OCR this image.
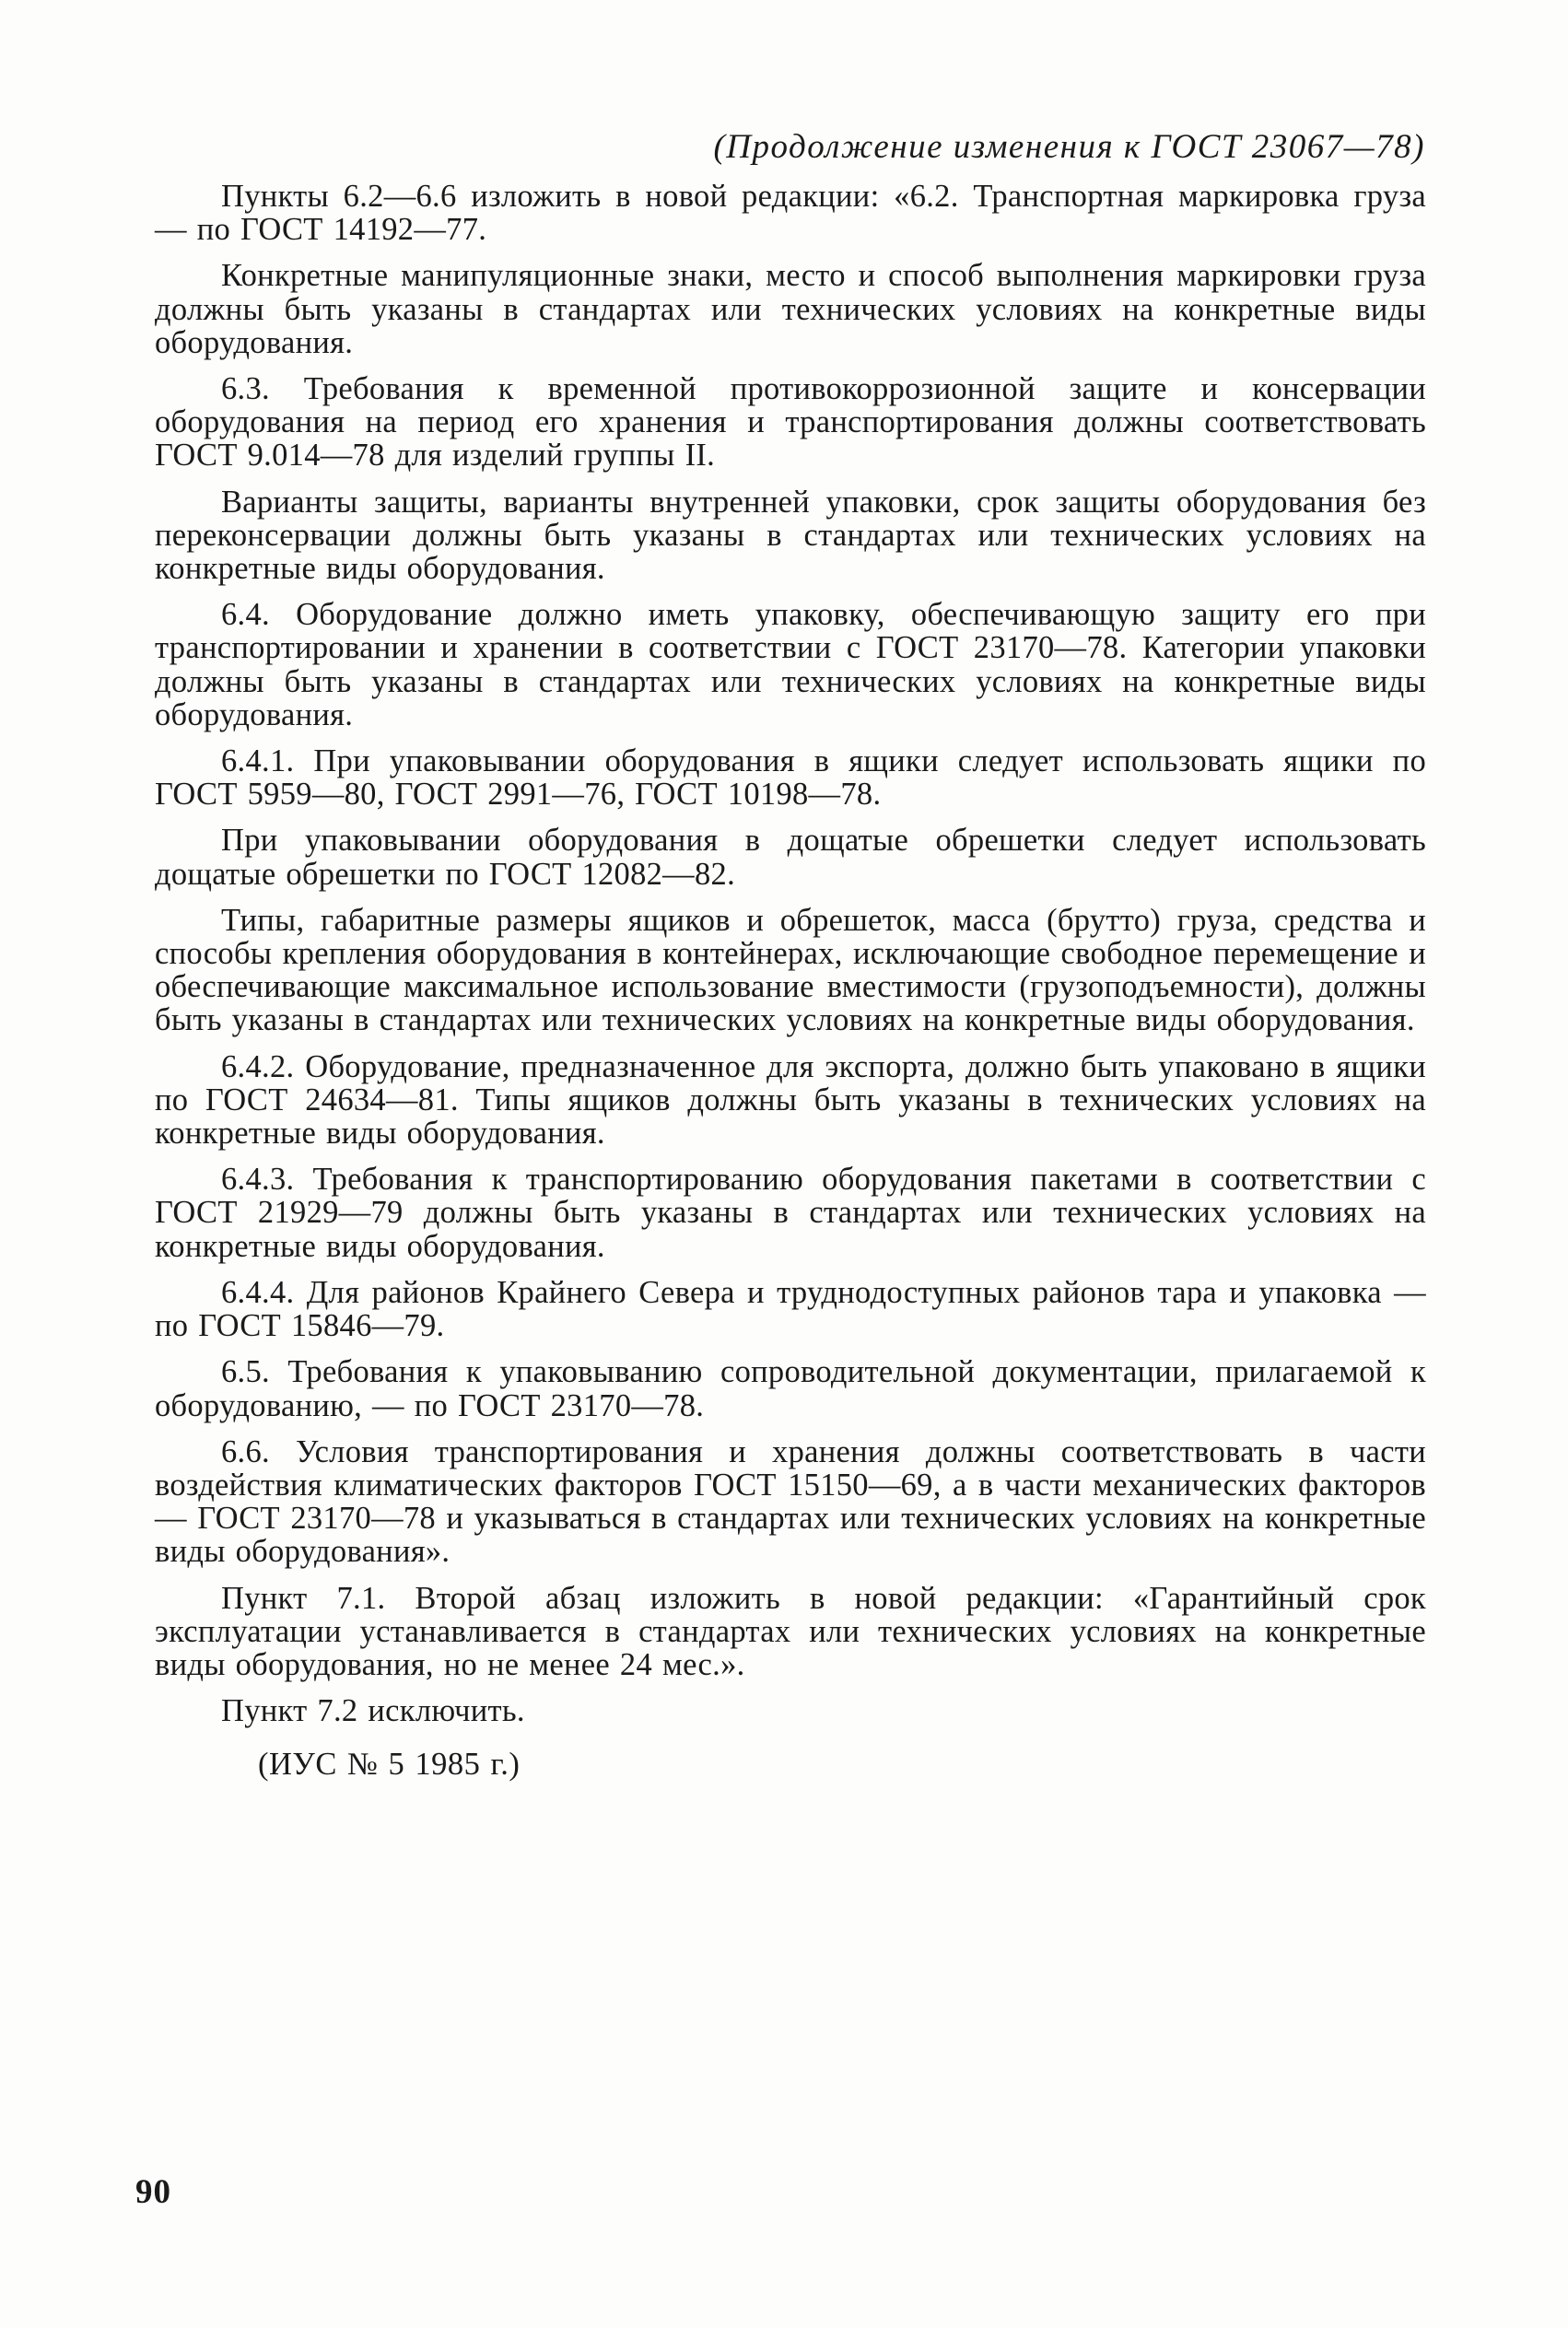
(Продолжение изменения к ГОСТ 23067—78)

Пункты 6.2—6.6 изложить в новой редакции: «6.2. Транспортная маркировка груза — по ГОСТ 14192—77.

Конкретные манипуляционные знаки, место и способ выполнения маркировки груза должны быть указаны в стандартах или технических условиях на конкретные виды оборудования.

6.3. Требования к временной противокоррозионной защите и консервации оборудования на период его хранения и транспортирования должны соответствовать ГОСТ 9.014—78 для изделий группы II.

Варианты защиты, варианты внутренней упаковки, срок защиты оборудования без переконсервации должны быть указаны в стандартах или технических условиях на конкретные виды оборудования.

6.4. Оборудование должно иметь упаковку, обеспечивающую защиту его при транспортировании и хранении в соответствии с ГОСТ 23170—78. Категории упаковки должны быть указаны в стандартах или технических условиях на конкретные виды оборудования.

6.4.1. При упаковывании оборудования в ящики следует использовать ящики по ГОСТ 5959—80, ГОСТ 2991—76, ГОСТ 10198—78.

При упаковывании оборудования в дощатые обрешетки следует использовать дощатые обрешетки по ГОСТ 12082—82.

Типы, габаритные размеры ящиков и обрешеток, масса (брутто) груза, средства и способы крепления оборудования в контейнерах, исключающие свободное перемещение и обеспечивающие максимальное использование вместимости (грузоподъемности), должны быть указаны в стандартах или технических условиях на конкретные виды оборудования.

6.4.2. Оборудование, предназначенное для экспорта, должно быть упаковано в ящики по ГОСТ 24634—81. Типы ящиков должны быть указаны в технических условиях на конкретные виды оборудования.

6.4.3. Требования к транспортированию оборудования пакетами в соответствии с ГОСТ 21929—79 должны быть указаны в стандартах или технических условиях на конкретные виды оборудования.

6.4.4. Для районов Крайнего Севера и труднодоступных районов тара и упаковка — по ГОСТ 15846—79.

6.5. Требования к упаковыванию сопроводительной документации, прилагаемой к оборудованию, — по ГОСТ 23170—78.

6.6. Условия транспортирования и хранения должны соответствовать в части воздействия климатических факторов ГОСТ 15150—69, а в части механических факторов — ГОСТ 23170—78 и указываться в стандартах или технических условиях на конкретные виды оборудования».

Пункт 7.1. Второй абзац изложить в новой редакции: «Гарантийный срок эксплуатации устанавливается в стандартах или технических условиях на конкретные виды оборудования, но не менее 24 мес.».

Пункт 7.2 исключить.

(ИУС № 5 1985 г.)

90
